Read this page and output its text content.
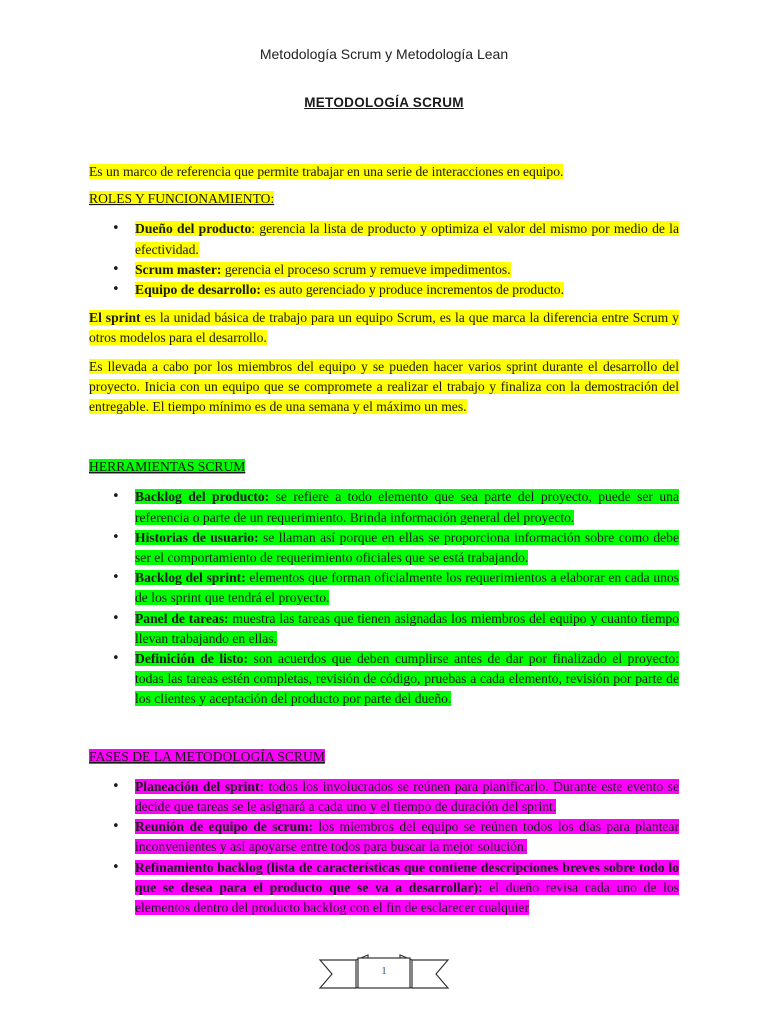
Metodología Scrum y Metodología Lean
METODOLOGÍA SCRUM

Es un marco de referencia que permite trabajar en una serie de interacciones en equipo.

ROLES Y FUNCIONAMIENTO:

• Dueño del producto: gerencia la lista de producto y optimiza el valor del mismo por medio de la efectividad.
• Scrum master: gerencia el proceso scrum y remueve impedimentos.
• Equipo de desarrollo: es auto gerenciado y produce incrementos de producto.

El sprint es la unidad básica de trabajo para un equipo Scrum, es la que marca la diferencia entre Scrum y otros modelos para el desarrollo.

Es llevada a cabo por los miembros del equipo y se pueden hacer varios sprint durante el desarrollo del proyecto. Inicia con un equipo que se compromete a realizar el trabajo y finaliza con la demostración del entregable. El tiempo mínimo es de una semana y el máximo un mes.

HERRAMIENTAS SCRUM

• Backlog del producto: se refiere a todo elemento que sea parte del proyecto, puede ser una referencia o parte de un requerimiento. Brinda información general del proyecto.
• Historias de usuario: se llaman así porque en ellas se proporciona información sobre como debe ser el comportamiento de requerimiento oficiales que se está trabajando.
• Backlog del sprint: elementos que forman oficialmente los requerimientos a elaborar en cada unos de los sprint que tendrá el proyecto.
• Panel de tareas: muestra las tareas que tienen asignadas los miembros del equipo y cuanto tiempo llevan trabajando en ellas.
• Definición de listo: son acuerdos que deben cumplirse antes de dar por finalizado el proyecto: todas las tareas estén completas, revisión de código, pruebas a cada elemento, revisión por parte de los clientes y aceptación del producto por parte del dueño.

FASES DE LA METODOLOGÍA SCRUM

• Planeación del sprint: todos los involucrados se reúnen para planificarlo. Durante este evento se decide que tareas se le asignará a cada uno y el tiempo de duración del sprint.
• Reunión de equipo de scrum: los miembros del equipo se reúnen todos los días para plantear inconvenientes y así apoyarse entre todos para buscar la mejor solución.
• Refinamiento backlog (lista de características que contiene descripciones breves sobre todo lo que se desea para el producto que se va a desarrollar): el dueño revisa cada uno de los elementos dentro del producto backlog con el fin de esclarecer cualquier
1
